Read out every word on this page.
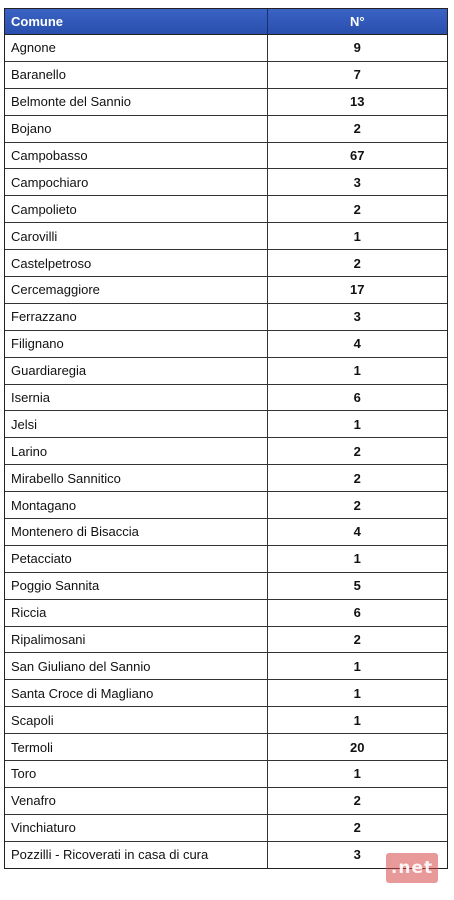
Comune	N°
Agnone	9
Baranello	7
Belmonte del Sannio	13
Bojano	2
Campobasso	67
Campochiaro	3
Campolieto	2
Carovilli	1
Castelpetroso	2
Cercemaggiore	17
Ferrazzano	3
Filignano	4
Guardiaregia	1
Isernia	6
Jelsi	1
Larino	2
Mirabello Sannitico	2
Montagano	2
Montenero di Bisaccia	4
Petacciato	1
Poggio Sannita	5
Riccia	6
Ripalimosani	2
San Giuliano del Sannio	1
Santa Croce di Magliano	1
Scapoli	1
Termoli	20
Toro	1
Venafro	2
Vinchiaturo	2
Pozzilli - Ricoverati in casa di cura	3
.net
